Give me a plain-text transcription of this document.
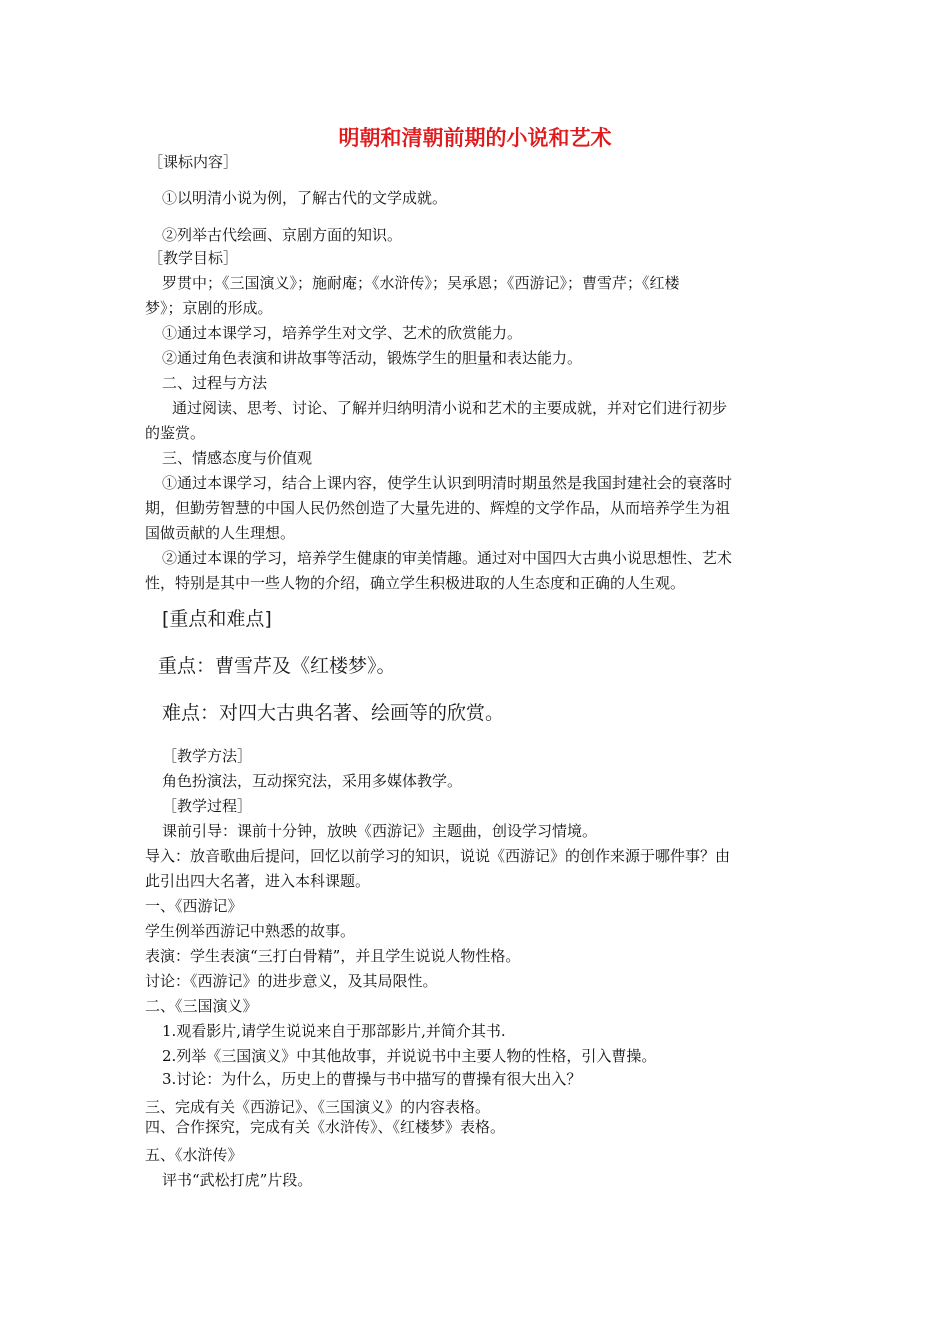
明朝和清朝前期的小说和艺术
［课标内容］
①以明清小说为例，了解古代的文学成就。
②列举古代绘画、京剧方面的知识。
［教学目标］
罗贯中；《三国演义》；施耐庵；《水浒传》；吴承恩；《西游记》；曹雪芹；《红楼
梦》；京剧的形成。
①通过本课学习，培养学生对文学、艺术的欣赏能力。
②通过角色表演和讲故事等活动，锻炼学生的胆量和表达能力。
二、过程与方法
通过阅读、思考、讨论、了解并归纳明清小说和艺术的主要成就，并对它们进行初步
的鉴赏。
三、情感态度与价值观
①通过本课学习，结合上课内容，使学生认识到明清时期虽然是我国封建社会的衰落时
期，但勤劳智慧的中国人民仍然创造了大量先进的、辉煌的文学作品，从而培养学生为祖
国做贡献的人生理想。
②通过本课的学习，培养学生健康的审美情趣。通过对中国四大古典小说思想性、艺术
性，特别是其中一些人物的介绍，确立学生积极进取的人生态度和正确的人生观。
[重点和难点]
重点：曹雪芹及《红楼梦》。
难点：对四大古典名著、绘画等的欣赏。
［教学方法］
角色扮演法，互动探究法，采用多媒体教学。
［教学过程］
课前引导：课前十分钟，放映《西游记》主题曲，创设学习情境。
导入：放音歌曲后提问，回忆以前学习的知识，说说《西游记》的创作来源于哪件事？由
此引出四大名著，进入本科课题。
一、《西游记》
学生例举西游记中熟悉的故事。
表演：学生表演“三打白骨精”，并且学生说说人物性格。
讨论：《西游记》的进步意义，及其局限性。
二、《三国演义》
1.观看影片,请学生说说来自于那部影片,并简介其书.
2.列举《三国演义》中其他故事，并说说书中主要人物的性格，引入曹操。
3.讨论：为什么，历史上的曹操与书中描写的曹操有很大出入？
三、完成有关《西游记》、《三国演义》的内容表格。
四、合作探究，完成有关《水浒传》、《红楼梦》表格。
五、《水浒传》
评书“武松打虎”片段。
